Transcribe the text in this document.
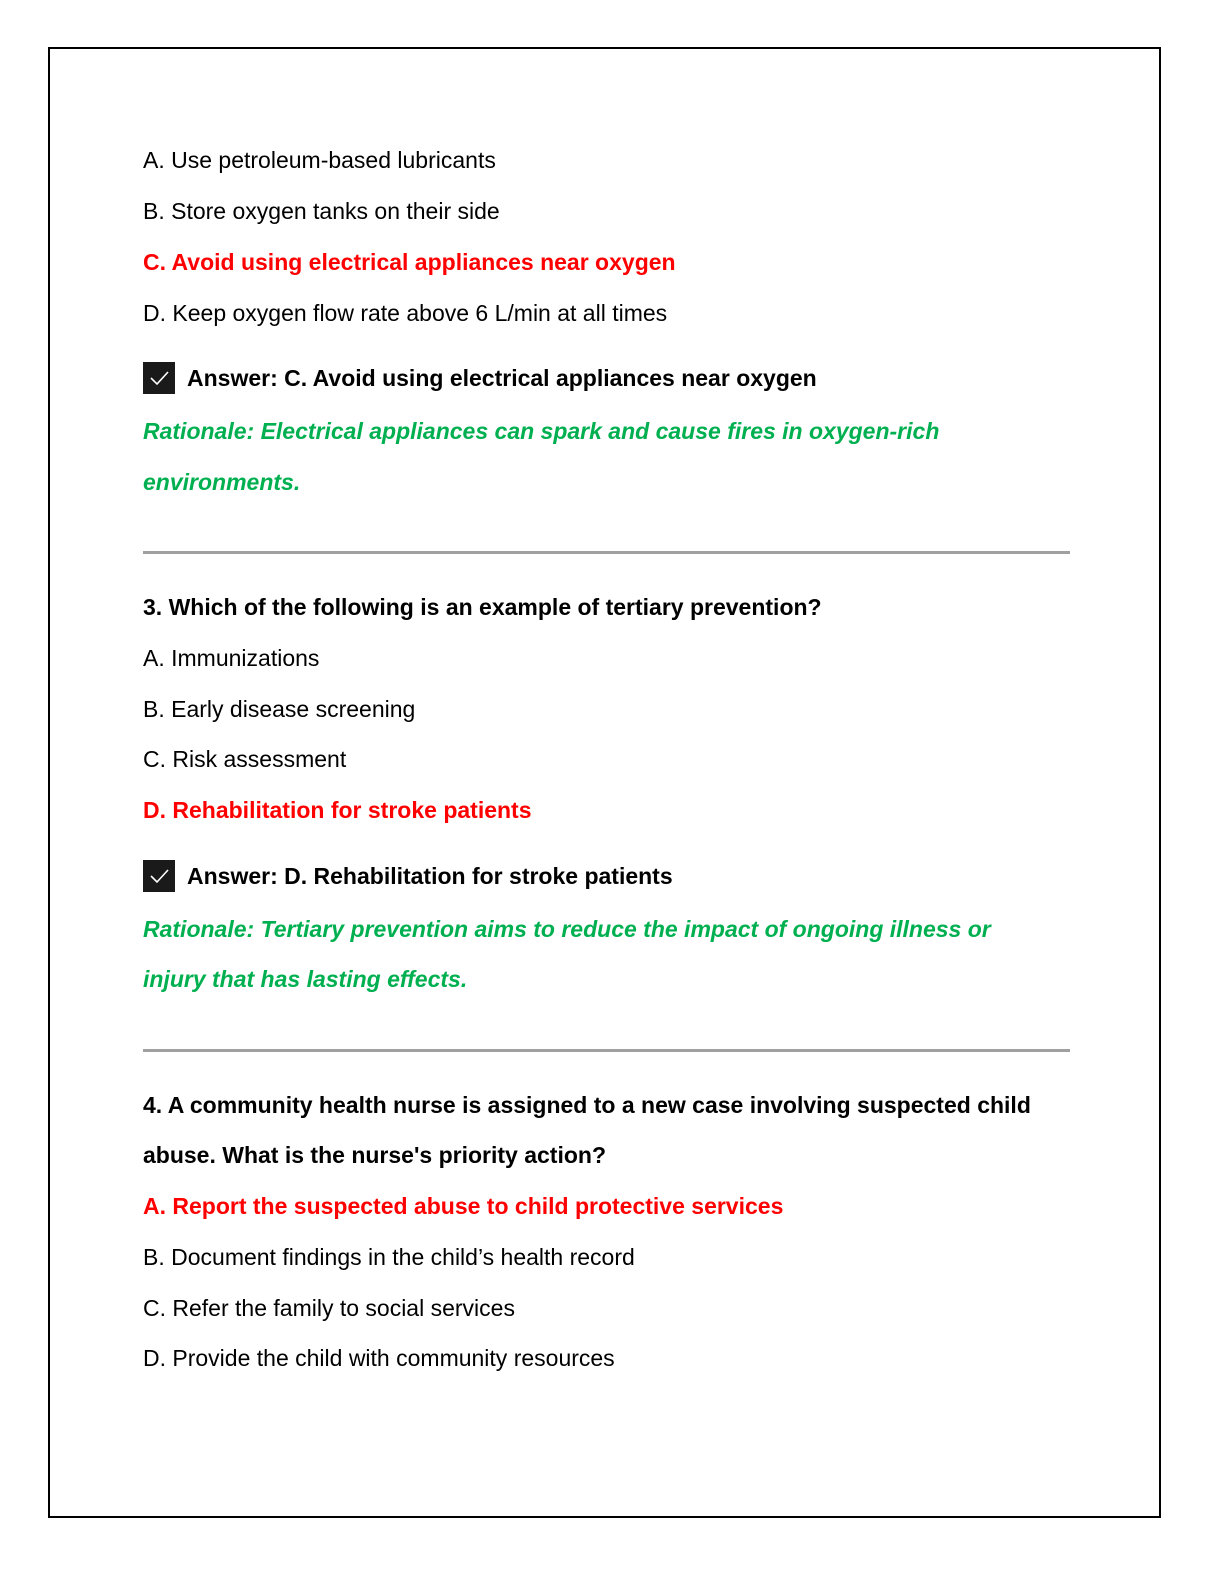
A. Use petroleum-based lubricants
B. Store oxygen tanks on their side
C. Avoid using electrical appliances near oxygen
D. Keep oxygen flow rate above 6 L/min at all times
Answer: C. Avoid using electrical appliances near oxygen
Rationale: Electrical appliances can spark and cause fires in oxygen-rich
environments.
3. Which of the following is an example of tertiary prevention?
A. Immunizations
B. Early disease screening
C. Risk assessment
D. Rehabilitation for stroke patients
Answer: D. Rehabilitation for stroke patients
Rationale: Tertiary prevention aims to reduce the impact of ongoing illness or
injury that has lasting effects.
4. A community health nurse is assigned to a new case involving suspected child
abuse. What is the nurse's priority action?
A. Report the suspected abuse to child protective services
B. Document findings in the child’s health record
C. Refer the family to social services
D. Provide the child with community resources
